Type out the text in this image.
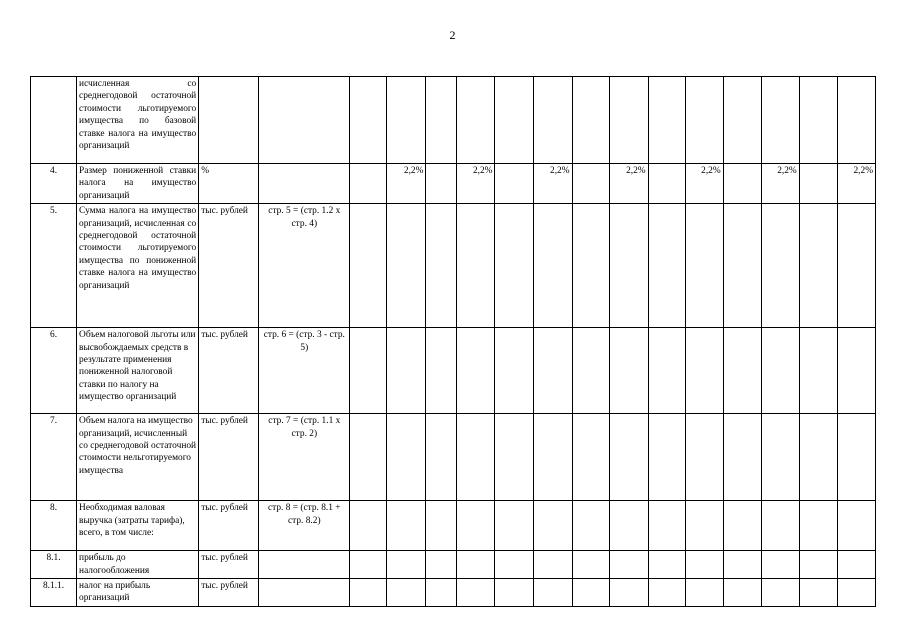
2
	исчисленная со среднегодовой остаточной стоимости льготируемого имущества по базовой ставке налога на имущество организаций																
4.	Размер пониженной ставки налога на имущество организаций	%			2,2%		2,2%		2,2%		2,2%		2,2%		2,2%		2,2%
5.	Сумма налога на имущество организаций, исчисленная со среднегодовой остаточной стоимости льготируемого имущества по пониженной ставке налога на имущество организаций	тыс. рублей	стр. 5 = (стр. 1.2 х стр. 4)														
6.	Объем налоговой льготы или высвобождаемых средств в результате применения пониженной налоговой ставки по налогу на имущество организаций	тыс. рублей	стр. 6 = (стр. 3 - стр. 5)														
7.	Объем налога на имущество организаций, исчисленный со среднегодовой остаточной стоимости нельготируемого имущества	тыс. рублей	стр. 7 = (стр. 1.1 х стр. 2)														
8.	Необходимая валовая выручка (затраты тарифа), всего, в том числе:	тыс. рублей	стр. 8 = (стр. 8.1 + стр. 8.2)														
8.1.	прибыль до налогообложения	тыс. рублей															
8.1.1.	налог на прибыль организаций	тыс. рублей															
